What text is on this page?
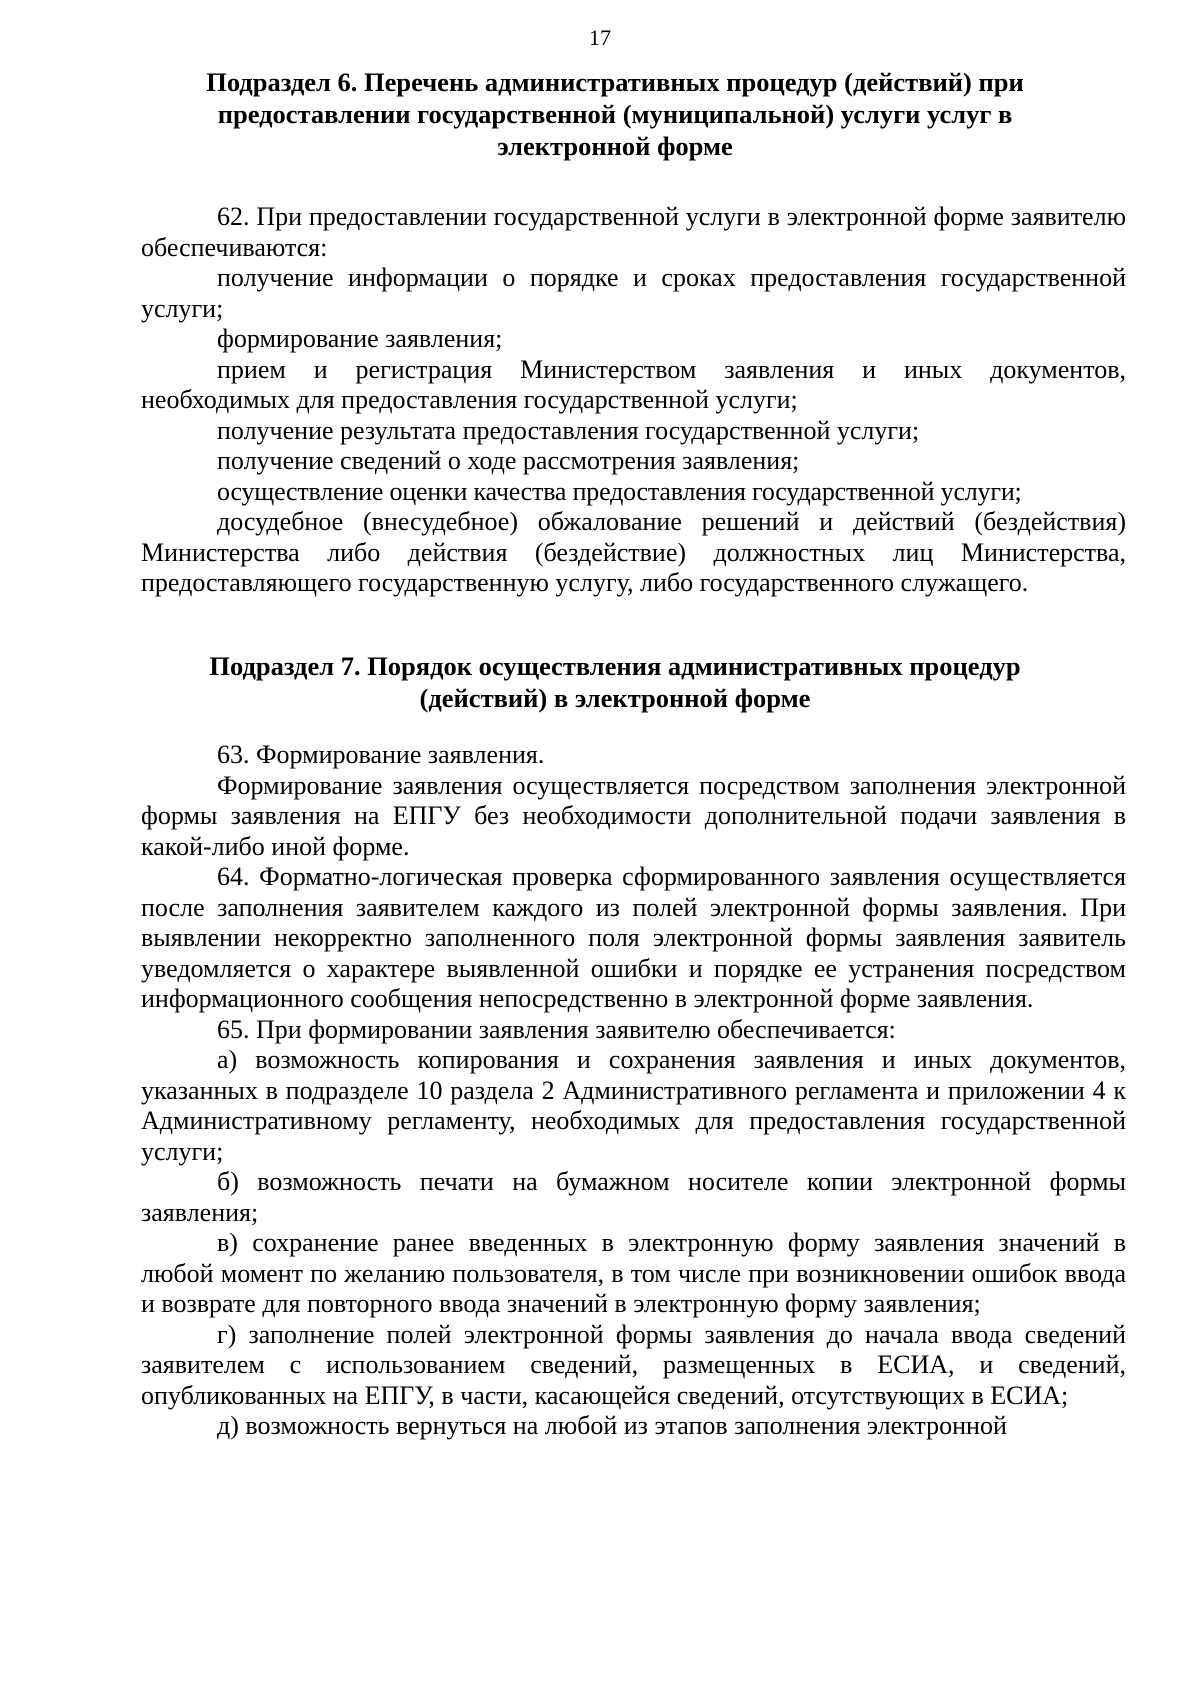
17
Подраздел 6. Перечень административных процедур (действий) при
предоставлении государственной (муниципальной) услуги услуг в
электронной форме

62. При предоставлении государственной услуги в электронной форме заявителю обеспечиваются:

получение информации о порядке и сроках предоставления государственной услуги;

формирование заявления;

прием и регистрация Министерством заявления и иных документов, необходимых для предоставления государственной услуги;

получение результата предоставления государственной услуги;

получение сведений о ходе рассмотрения заявления;

осуществление оценки качества предоставления государственной услуги;

досудебное (внесудебное) обжалование решений и действий (бездействия) Министерства либо действия (бездействие) должностных лиц Министерства, предоставляющего государственную услугу, либо государственного служащего.

Подраздел 7. Порядок осуществления административных процедур
(действий) в электронной форме

63. Формирование заявления.

Формирование заявления осуществляется посредством заполнения электронной формы заявления на ЕПГУ без необходимости дополнительной подачи заявления в какой-либо иной форме.

64. Форматно-логическая проверка сформированного заявления осуществляется после заполнения заявителем каждого из полей электронной формы заявления. При выявлении некорректно заполненного поля электронной формы заявления заявитель уведомляется о характере выявленной ошибки и порядке ее устранения посредством информационного сообщения непосредственно в электронной форме заявления.

65. При формировании заявления заявителю обеспечивается:

а) возможность копирования и сохранения заявления и иных документов, указанных в подразделе 10 раздела 2 Административного регламента и приложении 4 к Административному регламенту, необходимых для предоставления государственной услуги;

б) возможность печати на бумажном носителе копии электронной формы заявления;

в) сохранение ранее введенных в электронную форму заявления значений в любой момент по желанию пользователя, в том числе при возникновении ошибок ввода и возврате для повторного ввода значений в электронную форму заявления;

г) заполнение полей электронной формы заявления до начала ввода сведений заявителем с использованием сведений, размещенных в ЕСИА, и сведений, опубликованных на ЕПГУ, в части, касающейся сведений, отсутствующих в ЕСИА;

д) возможность вернуться на любой из этапов заполнения электронной
